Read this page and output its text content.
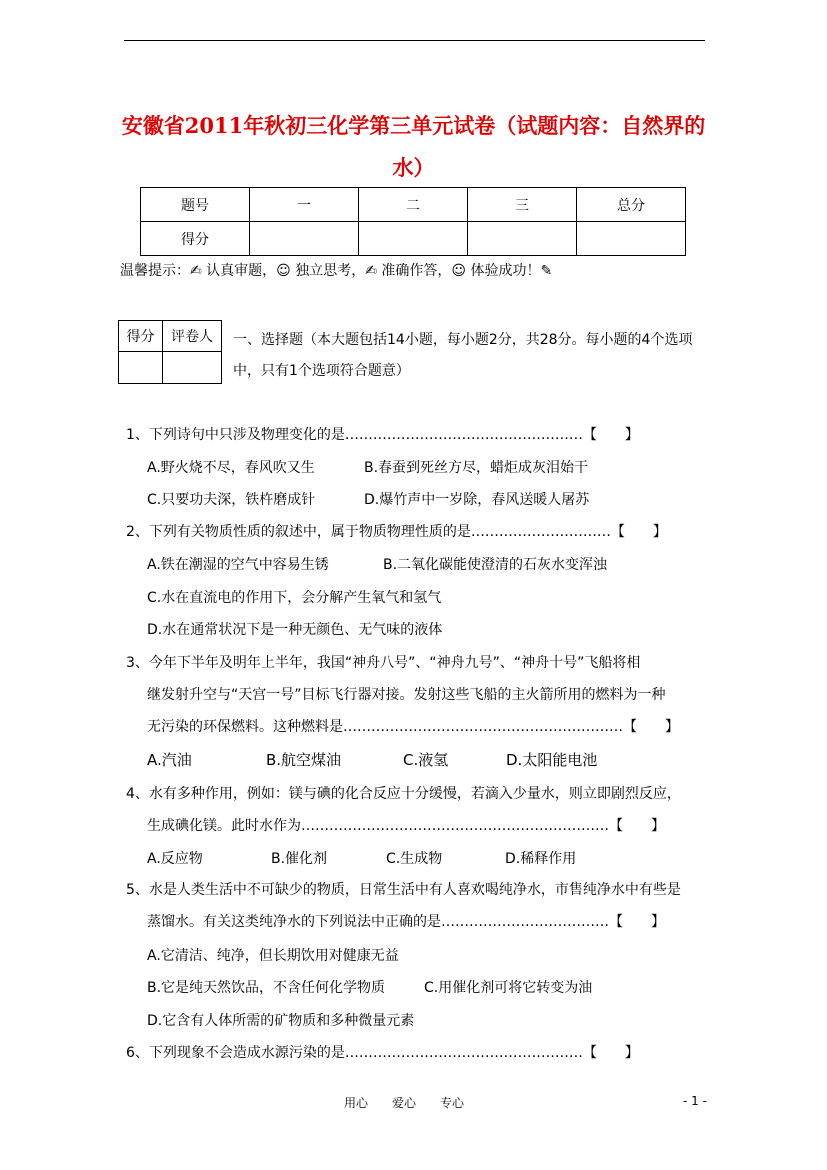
安徽省2011年秋初三化学第三单元试卷（试题内容：自然界的
水）
题号	一	二	三	总分
得分				
温馨提示：✍ 认真审题，☺ 独立思考，✍ 准确作答，☺ 体验成功！✎
得分	评卷人
	一、选择题（本大题包括14小题，每小题2分，共28分。每小题的4个选项中，只有1个选项符合题意）
1、下列诗句中只涉及物理变化的是……………………………………………【　　】
A.野火烧不尽，春风吹又生	B.春蚕到死丝方尽，蜡炬成灰泪始干
C.只要功夫深，铁杵磨成针	D.爆竹声中一岁除，春风送暖人屠苏
2、下列有关物质性质的叙述中，属于物质物理性质的是…………………………【　　】
A.铁在潮湿的空气中容易生锈	B.二氧化碳能使澄清的石灰水变浑浊
C.水在直流电的作用下，会分解产生氧气和氢气
D.水在通常状况下是一种无颜色、无气味的液体
3、今年下半年及明年上半年，我国“神舟八号”、“神舟九号”、“神舟十号”飞船将相
继发射升空与“天宫一号”目标飞行器对接。发射这些飞船的主火箭所用的燃料为一种
无污染的环保燃料。这种燃料是……………………………………………………【　　】
A.汽油	B.航空煤油	C.液氢	D.太阳能电池
4、水有多种作用，例如：镁与碘的化合反应十分缓慢，若滴入少量水，则立即剧烈反应，
生成碘化镁。此时水作为…………………………………………………………【　　】
A.反应物	B.催化剂	C.生成物	D.稀释作用
5、水是人类生活中不可缺少的物质，日常生活中有人喜欢喝纯净水，市售纯净水中有些是
蒸馏水。有关这类纯净水的下列说法中正确的是………………………………【　　】
A.它清洁、纯净，但长期饮用对健康无益
B.它是纯天然饮品，不含任何化学物质	C.用催化剂可将它转变为油
D.它含有人体所需的矿物质和多种微量元素
6、下列现象不会造成水源污染的是……………………………………………【　　】
用心　　爱心　　专心	- 1 -
